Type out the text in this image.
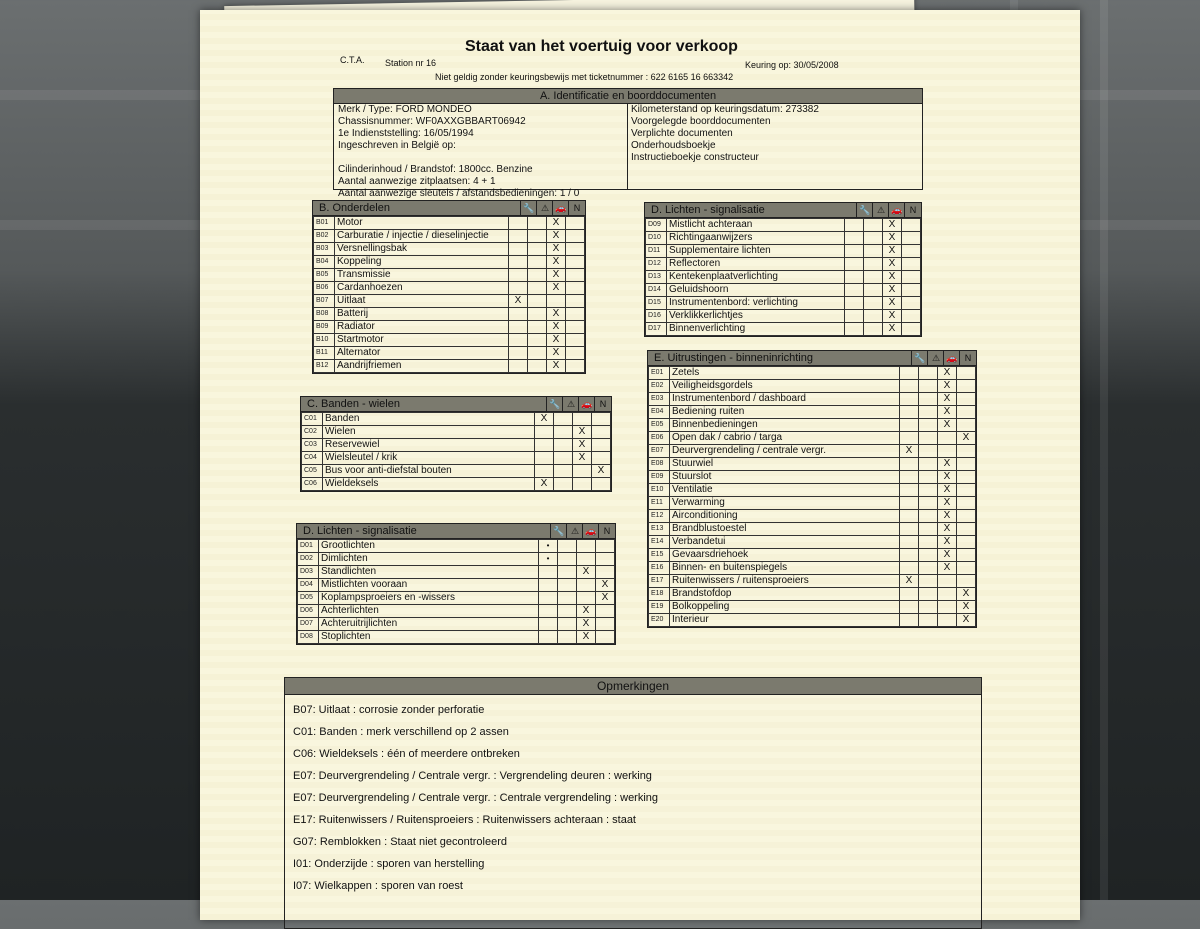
Staat van het voertuig voor verkoop
C.T.A. Station nr 16	Keuring op: 30/05/2008
Niet geldig zonder keuringsbewijs met ticketnummer : 622 6165 16 663342
A. Identificatie en boorddocumenten
Merk / Type: FORD MONDEO
Chassisnummer: WF0AXXGBBART06942
1e Indienststelling: 16/05/1994
Ingeschreven in België op:

Cilinderinhoud / Brandstof: 1800cc. Benzine
Aantal aanwezige zitplaatsen: 4 + 1
Aantal aanwezige sleutels / afstandsbedieningen: 1 / 0
Kilometerstand op keuringsdatum: 273382
Voorgelegde boorddocumenten
Verplichte documenten
Onderhoudsboekje
Instructieboekje constructeur
B. Onderdelen	🔧 ⚠ 🚗 N
B01	Motor			X	
B02	Carburatie / injectie / dieselinjectie			X	
B03	Versnellingsbak			X	
B04	Koppeling			X	
B05	Transmissie			X	
B06	Cardanhoezen			X	
B07	Uitlaat	X			
B08	Batterij			X	
B09	Radiator			X	
B10	Startmotor			X	
B11	Alternator			X	
B12	Aandrijfriemen			X	
C. Banden - wielen	🔧 ⚠ 🚗 N
C01	Banden	X			
C02	Wielen			X	
C03	Reservewiel			X	
C04	Wielsleutel / krik			X	
C05	Bus voor anti-diefstal bouten				X
C06	Wieldeksels	X			
D. Lichten - signalisatie	🔧 ⚠ 🚗 N
D01	Grootlichten	•			
D02	Dimlichten	•			
D03	Standlichten			X	
D04	Mistlichten vooraan				X
D05	Koplampsproeiers en -wissers				X
D06	Achterlichten			X	
D07	Achteruitrijlichten			X	
D08	Stoplichten			X	
D. Lichten - signalisatie	🔧 ⚠ 🚗 N
D09	Mistlicht achteraan			X	
D10	Richtingaanwijzers			X	
D11	Supplementaire lichten			X	
D12	Reflectoren			X	
D13	Kentekenplaatverlichting			X	
D14	Geluidshoorn			X	
D15	Instrumentenbord: verlichting			X	
D16	Verklikkerlichtjes			X	
D17	Binnenverlichting			X	
E. Uitrustingen - binneninrichting	🔧 ⚠ 🚗 N
E01	Zetels			X	
E02	Veiligheidsgordels			X	
E03	Instrumentenbord / dashboard			X	
E04	Bediening ruiten			X	
E05	Binnenbedieningen			X	
E06	Open dak / cabrio / targa				X
E07	Deurvergrendeling / centrale vergr.	X			
E08	Stuurwiel			X	
E09	Stuurslot			X	
E10	Ventilatie			X	
E11	Verwarming			X	
E12	Airconditioning			X	
E13	Brandblustoestel			X	
E14	Verbandetui			X	
E15	Gevaarsdriehoek			X	
E16	Binnen- en buitenspiegels			X	
E17	Ruitenwissers / ruitensproeiers	X			
E18	Brandstofdop				X
E19	Bolkoppeling				X
E20	Interieur				X
Opmerkingen
B07: Uitlaat : corrosie zonder perforatie
C01: Banden : merk verschillend op 2 assen
C06: Wieldeksels : één of meerdere ontbreken
E07: Deurvergrendeling / Centrale vergr. : Vergrendeling deuren : werking
E07: Deurvergrendeling / Centrale vergr. : Centrale vergrendeling : werking
E17: Ruitenwissers / Ruitensproeiers : Ruitenwissers achteraan : staat
G07: Remblokken : Staat niet gecontroleerd
I01: Onderzijde : sporen van herstelling
I07: Wielkappen : sporen van roest
